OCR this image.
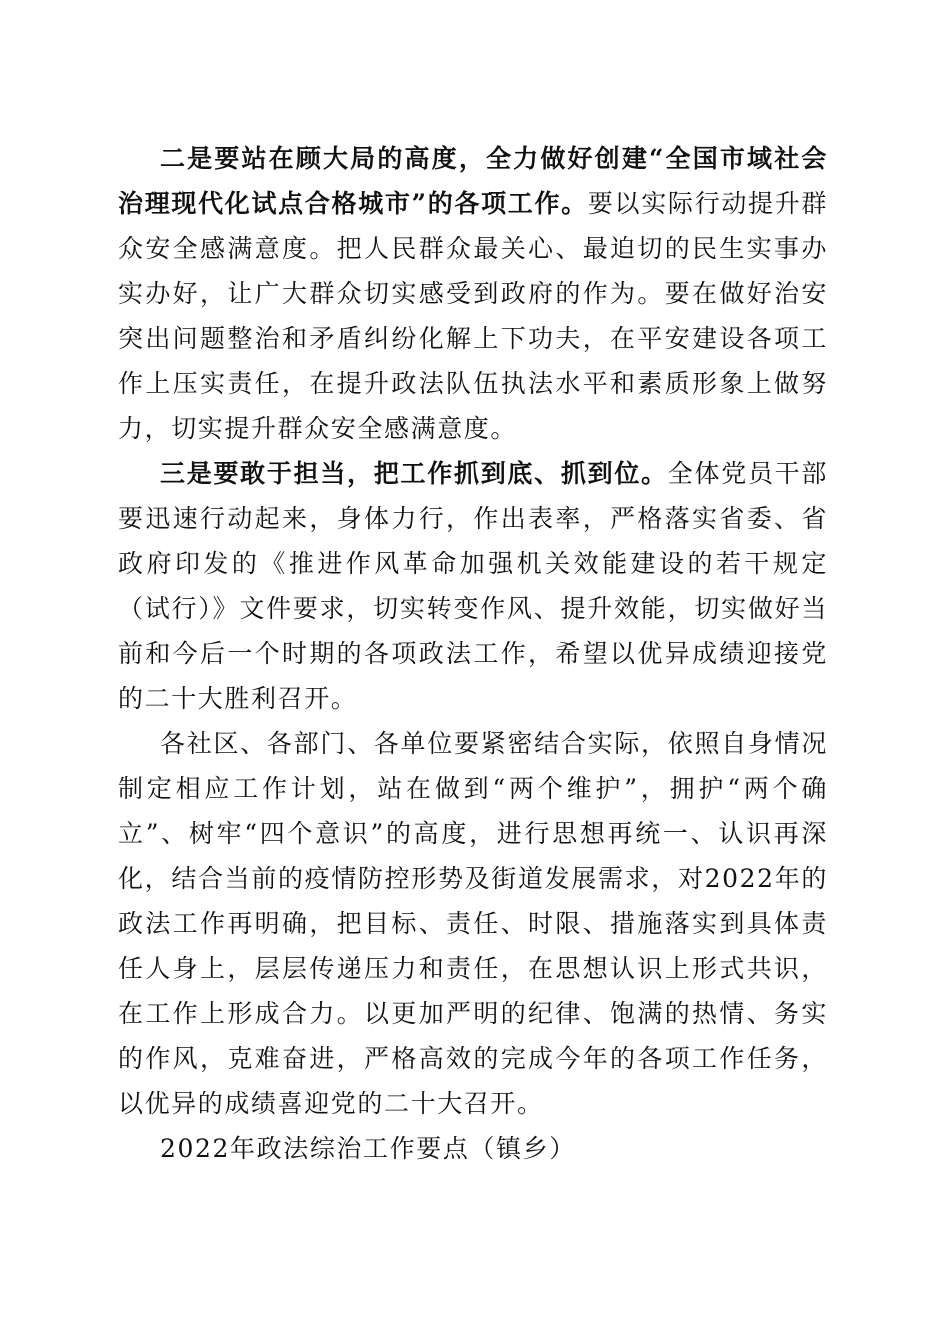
二是要站在顾大局的高度，全力做好创建“全国市域社会治理现代化试点合格城市”的各项工作。要以实际行动提升群众安全感满意度。把人民群众最关心、最迫切的民生实事办实办好，让广大群众切实感受到政府的作为。要在做好治安突出问题整治和矛盾纠纷化解上下功夫，在平安建设各项工作上压实责任，在提升政法队伍执法水平和素质形象上做努力，切实提升群众安全感满意度。

三是要敢于担当，把工作抓到底、抓到位。全体党员干部要迅速行动起来，身体力行，作出表率，严格落实省委、省政府印发的《推进作风革命加强机关效能建设的若干规定（试行）》文件要求，切实转变作风、提升效能，切实做好当前和今后一个时期的各项政法工作，希望以优异成绩迎接党的二十大胜利召开。

各社区、各部门、各单位要紧密结合实际，依照自身情况制定相应工作计划，站在做到“两个维护”，拥护“两个确立”、树牢“四个意识”的高度，进行思想再统一、认识再深化，结合当前的疫情防控形势及街道发展需求，对2022年的政法工作再明确，把目标、责任、时限、措施落实到具体责任人身上，层层传递压力和责任，在思想认识上形式共识，在工作上形成合力。以更加严明的纪律、饱满的热情、务实的作风，克难奋进，严格高效的完成今年的各项工作任务，以优异的成绩喜迎党的二十大召开。

2022年政法综治工作要点（镇乡）
